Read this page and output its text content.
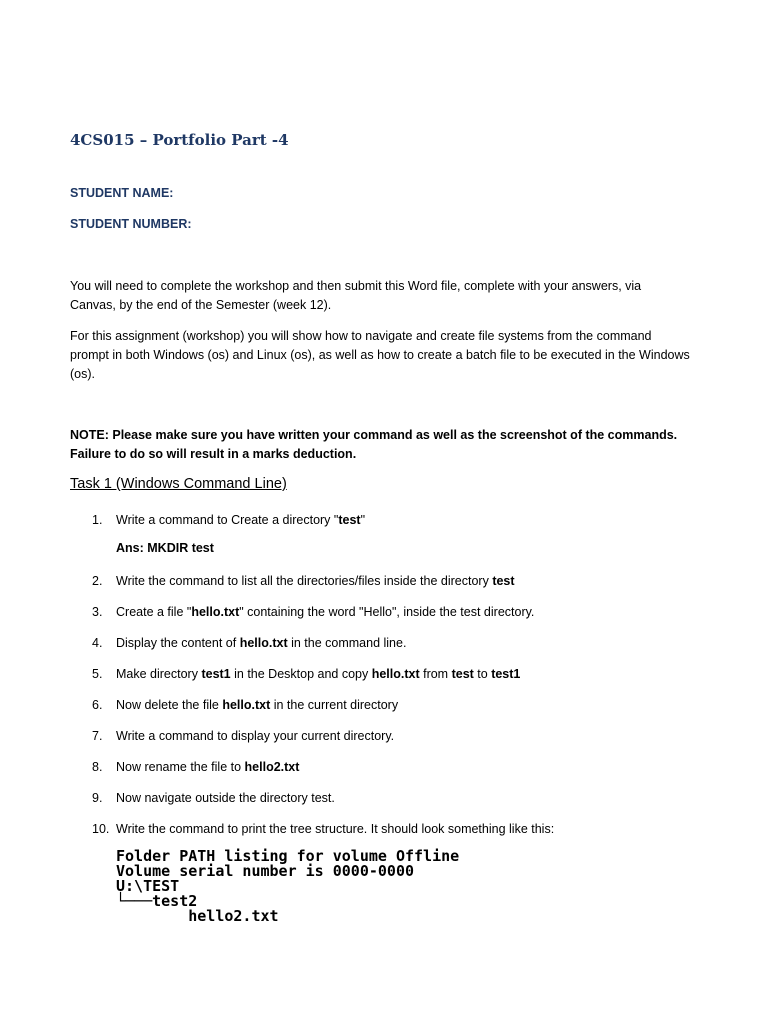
4CS015 – Portfolio Part -4
STUDENT NAME:
STUDENT NUMBER:

You will need to complete the workshop and then submit this Word file, complete with your answers, via Canvas, by the end of the Semester (week 12).

For this assignment (workshop) you will show how to navigate and create file systems from the command prompt in both Windows (os) and Linux (os), as well as how to create a batch file to be executed in the Windows (os).

NOTE: Please make sure you have written your command as well as the screenshot of the commands. Failure to do so will result in a marks deduction.

Task 1 (Windows Command Line)
1.	Write a command to Create a directory "test"
2.	Write the command to list all the directories/files inside the directory test
3.	Create a file "hello.txt" containing the word "Hello", inside the test directory.
4.	Display the content of hello.txt in the command line.
5.	Make directory test1 in the Desktop and copy hello.txt from test to test1
6.	Now delete the file hello.txt in the current directory
7.	Write a command to display your current directory.
8.	Now rename the file to hello2.txt
9.	Now navigate outside the directory test.
10. Write the command to print the tree structure. It should look something like this:
Ans: MKDIR test
Folder PATH listing for volume Offline
Volume serial number is 0000-0000
U:\TEST
└───test2
hello2.txt
